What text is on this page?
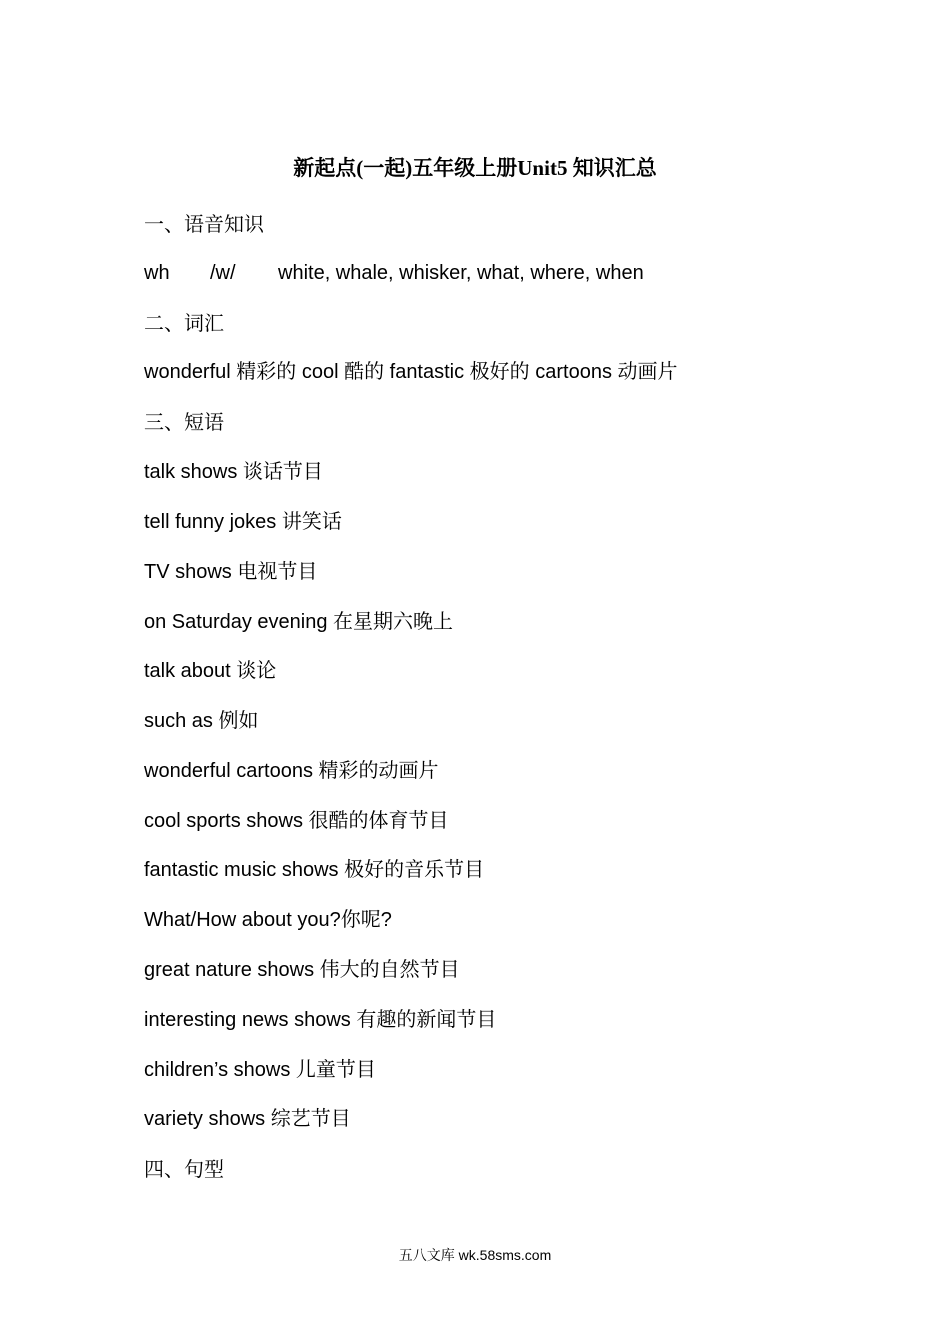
新起点(一起)五年级上册Unit5 知识汇总
一、语音知识
wh /w/ white, whale, whisker, what, where, when
二、词汇
wonderful 精彩的 cool 酷的 fantastic 极好的 cartoons 动画片
三、短语
talk shows 谈话节目
tell funny jokes 讲笑话
TV shows 电视节目
on Saturday evening 在星期六晚上
talk about 谈论
such as 例如
wonderful cartoons 精彩的动画片
cool sports shows 很酷的体育节目
fantastic music shows 极好的音乐节目
What/How about you?你呢?
great nature shows 伟大的自然节目
interesting news shows 有趣的新闻节目
children’s shows 儿童节目
variety shows 综艺节目
四、句型
五八文库 wk.58sms.com
